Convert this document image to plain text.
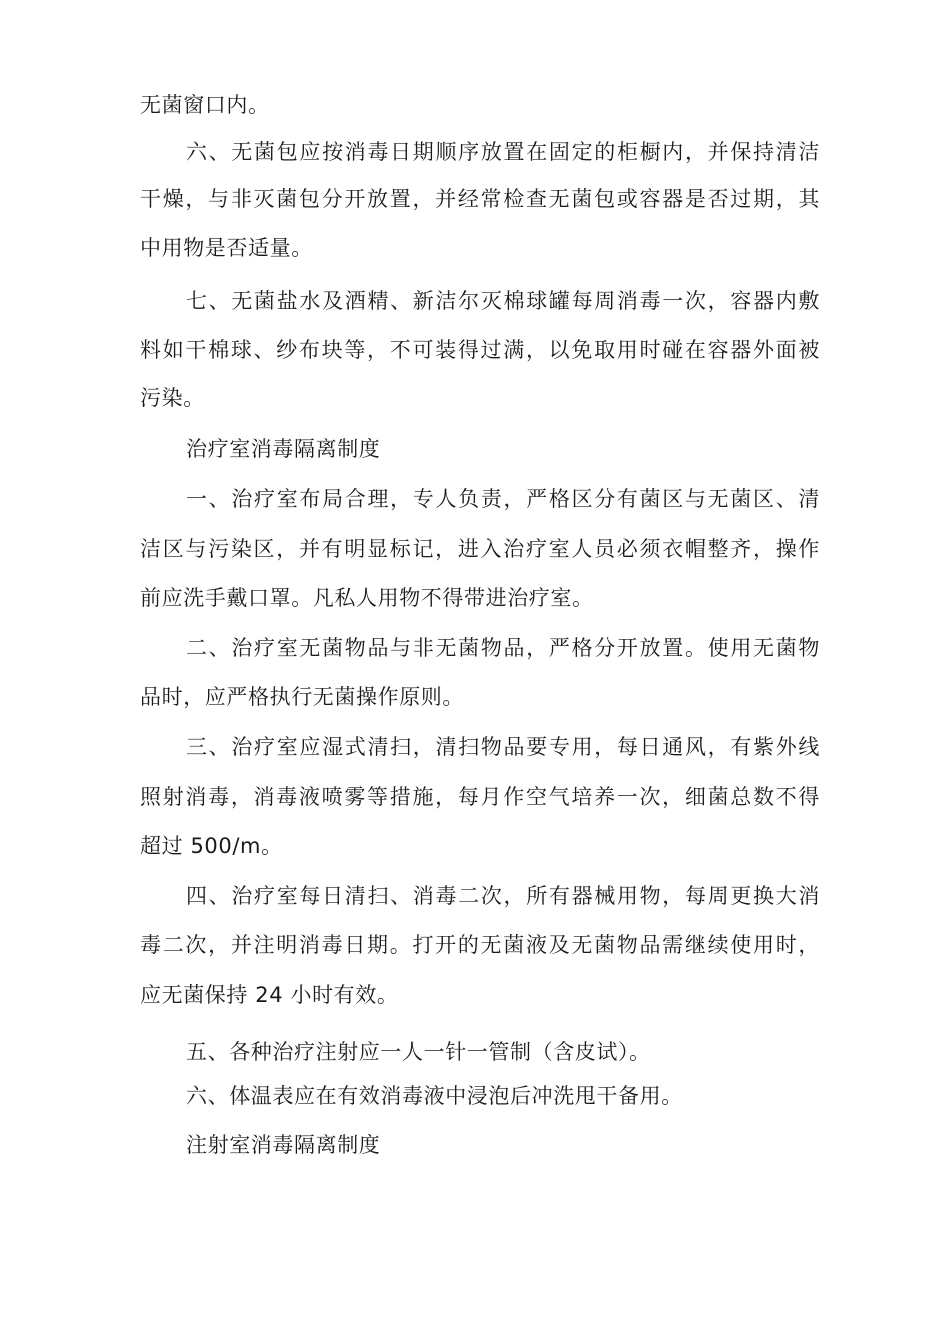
无菌窗口内。
六、无菌包应按消毒日期顺序放置在固定的柜橱内，并保持清洁
干燥，与非灭菌包分开放置，并经常检查无菌包或容器是否过期，其
中用物是否适量。
七、无菌盐水及酒精、新洁尔灭棉球罐每周消毒一次，容器内敷
料如干棉球、纱布块等，不可装得过满，以免取用时碰在容器外面被
污染。
治疗室消毒隔离制度
一、治疗室布局合理，专人负责，严格区分有菌区与无菌区、清
洁区与污染区，并有明显标记，进入治疗室人员必须衣帽整齐，操作
前应洗手戴口罩。凡私人用物不得带进治疗室。
二、治疗室无菌物品与非无菌物品，严格分开放置。使用无菌物
品时，应严格执行无菌操作原则。
三、治疗室应湿式清扫，清扫物品要专用，每日通风，有紫外线
照射消毒，消毒液喷雾等措施，每月作空气培养一次，细菌总数不得
超过 500/m。
四、治疗室每日清扫、消毒二次，所有器械用物，每周更换大消
毒二次，并注明消毒日期。打开的无菌液及无菌物品需继续使用时，
应无菌保持 24 小时有效。
五、各种治疗注射应一人一针一管制（含皮试）。
六、体温表应在有效消毒液中浸泡后冲洗甩干备用。
注射室消毒隔离制度
